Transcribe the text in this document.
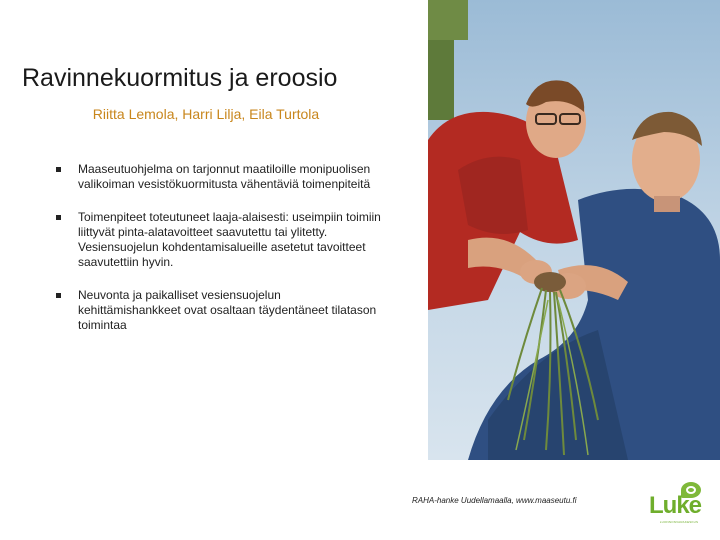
Ravinnekuormitus ja eroosio
Riitta Lemola, Harri Lilja, Eila Turtola
Maaseutuohjelma on tarjonnut maatiloille monipuolisen valikoiman vesistökuormitusta vähentäviä toimenpiteitä
Toimenpiteet toteutuneet laaja-alaisesti: useimpiin toimiin liittyvät pinta-alatavoitteet saavutettu tai ylitetty. Vesiensuojelun kohdentamisalueille asetetut tavoitteet saavutettiin hyvin.
Neuvonta ja paikalliset vesiensuojelun kehittämishankkeet ovat osaltaan täydentäneet tilatason toimintaa
RAHA-hanke Uudellamaalla, www.maaseutu.fi	Luke
LUONNONVARAKESKUS
